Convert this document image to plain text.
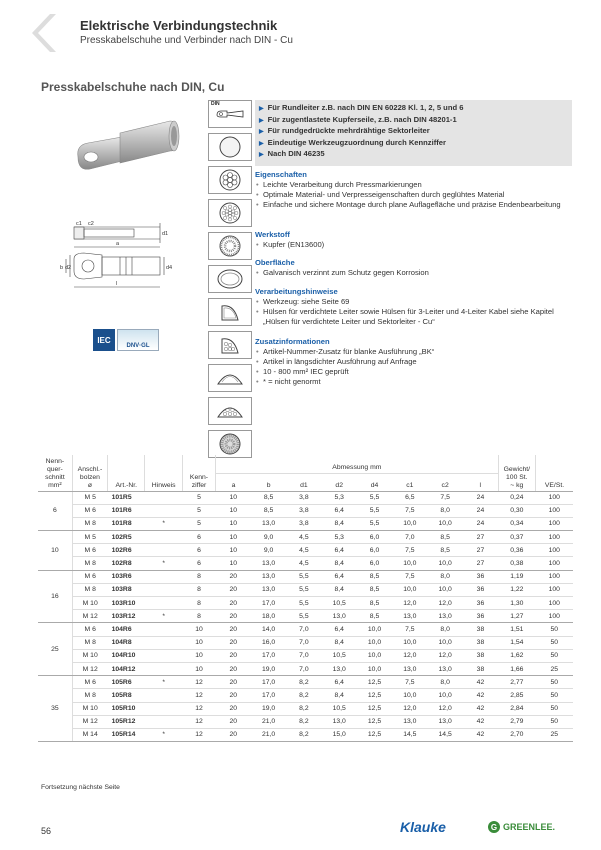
Elektrische Verbindungstechnik
Presskabelschuhe und Verbinder nach DIN - Cu
Presskabelschuhe nach DIN, Cu
c1 c2
d1
a
b d2	d4
l
IEC
DNV·GL
DIN	▶ Für Rundleiter z.B. nach DIN EN 60228 Kl. 1, 2, 5 und 6
▶ Für zugentlastete Kupferseile, z.B. nach DIN 48201-1
▶ Für rundgedrückte mehrdrähtige Sektorleiter
▶ Eindeutige Werkzeugzuordnung durch Kennziffer
▶ Nach DIN 46235
Eigenschaften
• Leichte Verarbeitung durch Pressmarkierungen
• Optimale Material- und Verpresseigenschaften durch geglühtes Material
• Einfache und sichere Montage durch plane Auflagefläche und präzise Endenbearbeitung
Werkstoff
• Kupfer (EN13600)
Oberfläche
• Galvanisch verzinnt zum Schutz gegen Korrosion
Verarbeitungshinweise
• Werkzeug: siehe Seite 69
• Hülsen für verdichtete Leiter sowie Hülsen für 3-Leiter und 4-Leiter Kabel siehe Kapitel „Hülsen für verdichtete Leiter und Sektorleiter - Cu“
Zusatzinformationen
• Artikel-Nummer-Zusatz für blanke Ausführung „BK“
• Artikel in längsdichter Ausführung auf Anfrage
• 10 - 800 mm² IEC geprüft
• * = nicht genormt
Nenn-
quer-
schnitt
mm²	Anschl.-
bolzen
ø	Art.-Nr.	Hinweis	Kenn-
ziffer	Abmessung mm								Gewicht/
100 St.
~ kg	VE/St.
					a	b	d1	d2	d4	c1	c2	l		
6	M 5	101R5		5	10	8,5	3,8	5,3	5,5	6,5	7,5	24	0,24	100
	M 6	101R6		5	10	8,5	3,8	6,4	5,5	7,5	8,0	24	0,30	100
	M 8	101R8	*	5	10	13,0	3,8	8,4	5,5	10,0	10,0	24	0,34	100
10	M 5	102R5		6	10	9,0	4,5	5,3	6,0	7,0	8,5	27	0,37	100
	M 6	102R6		6	10	9,0	4,5	6,4	6,0	7,5	8,5	27	0,36	100
	M 8	102R8	*	6	10	13,0	4,5	8,4	6,0	10,0	10,0	27	0,38	100
16	M 6	103R6		8	20	13,0	5,5	6,4	8,5	7,5	8,0	36	1,19	100
	M 8	103R8		8	20	13,0	5,5	8,4	8,5	10,0	10,0	36	1,22	100
	M 10	103R10		8	20	17,0	5,5	10,5	8,5	12,0	12,0	36	1,30	100
	M 12	103R12	*	8	20	18,0	5,5	13,0	8,5	13,0	13,0	36	1,27	100
25	M 6	104R6		10	20	14,0	7,0	6,4	10,0	7,5	8,0	38	1,51	50
	M 8	104R8		10	20	16,0	7,0	8,4	10,0	10,0	10,0	38	1,54	50
	M 10	104R10		10	20	17,0	7,0	10,5	10,0	12,0	12,0	38	1,62	50
	M 12	104R12		10	20	19,0	7,0	13,0	10,0	13,0	13,0	38	1,66	25
35	M 6	105R6	*	12	20	17,0	8,2	6,4	12,5	7,5	8,0	42	2,77	50
	M 8	105R8		12	20	17,0	8,2	8,4	12,5	10,0	10,0	42	2,85	50
	M 10	105R10		12	20	19,0	8,2	10,5	12,5	12,0	12,0	42	2,84	50
	M 12	105R12		12	20	21,0	8,2	13,0	12,5	13,0	13,0	42	2,79	50
	M 14	105R14	*	12	20	21,0	8,2	15,0	12,5	14,5	14,5	42	2,70	25
Fortsetzung nächste Seite
56	Klauke	G GREENLEE.
